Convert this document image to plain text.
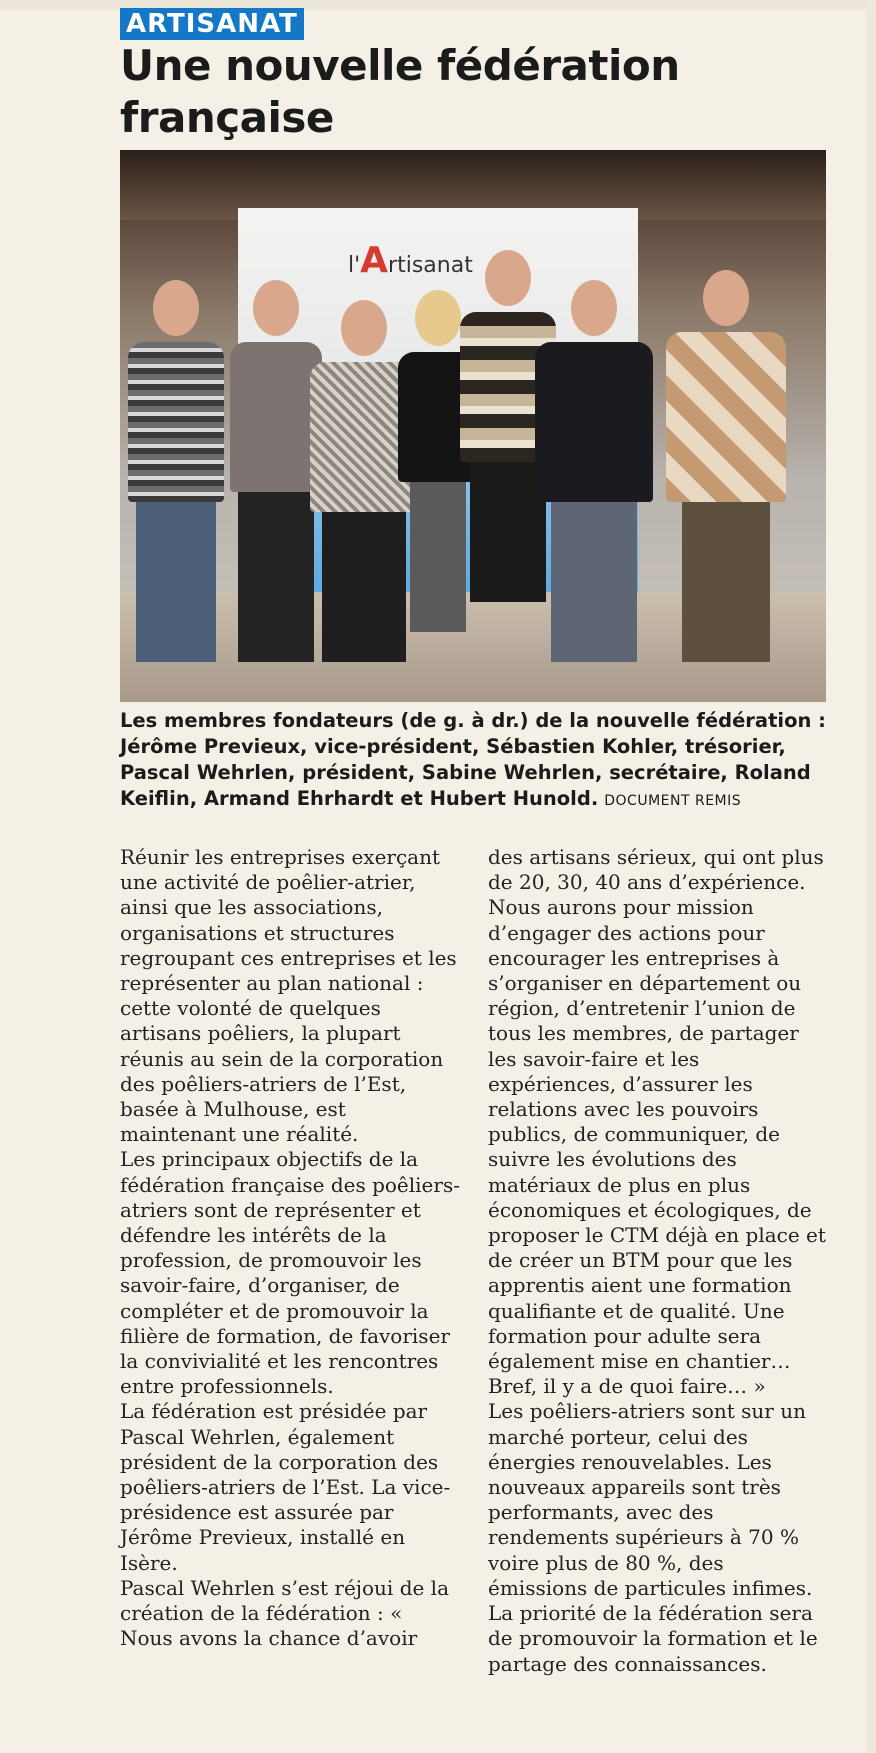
ARTISANAT
Une nouvelle fédération française
l'Artisanat

Les membres fondateurs (de g. à dr.) de la nouvelle fédération : Jérôme Previeux, vice-président, Sébastien Kohler, trésorier, Pascal Wehrlen, président, Sabine Wehrlen, secrétaire, Roland Keiflin, Armand Ehrhardt et Hubert Hunold. DOCUMENT REMIS

Réunir les entreprises exerçant une activité de poêlier-atrier, ainsi que les associations, organisations et structures regroupant ces entreprises et les représenter au plan national : cette volonté de quelques artisans poêliers, la plupart réunis au sein de la corporation des poêliers-atriers de l’Est, basée à Mulhouse, est maintenant une réalité.

Les principaux objectifs de la fédération française des poêliers-atriers sont de représenter et défendre les intérêts de la profession, de promouvoir les savoir-faire, d’organiser, de compléter et de promouvoir la filière de formation, de favoriser la convivialité et les rencontres entre professionnels.

La fédération est présidée par Pascal Wehrlen, également président de la corporation des poêliers-atriers de l’Est. La vice-présidence est assurée par Jérôme Previeux, installé en Isère.

Pascal Wehrlen s’est réjoui de la création de la fédération : « Nous avons la chance d’avoir

des artisans sérieux, qui ont plus de 20, 30, 40 ans d’expérience. Nous aurons pour mission d’engager des actions pour encourager les entreprises à s’organiser en département ou région, d’entretenir l’union de tous les membres, de partager les savoir-faire et les expériences, d’assurer les relations avec les pouvoirs publics, de communiquer, de suivre les évolutions des matériaux de plus en plus économiques et écologiques, de proposer le CTM déjà en place et de créer un BTM pour que les apprentis aient une formation qualifiante et de qualité. Une formation pour adulte sera également mise en chantier… Bref, il y a de quoi faire… »

Les poêliers-atriers sont sur un marché porteur, celui des énergies renouvelables. Les nouveaux appareils sont très performants, avec des rendements supérieurs à 70 % voire plus de 80 %, des émissions de particules infimes.

La priorité de la fédération sera de promouvoir la formation et le partage des connaissances.
